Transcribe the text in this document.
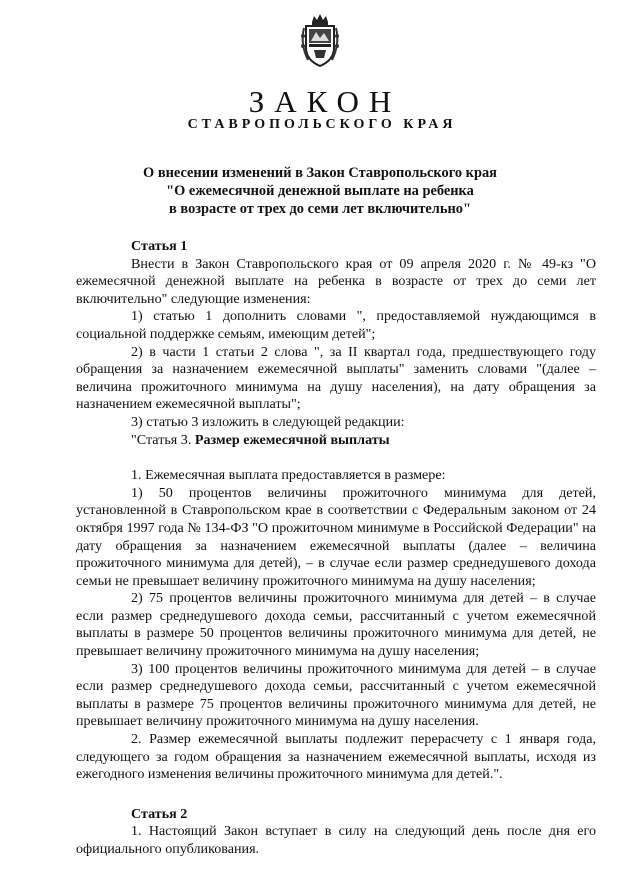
ЗАКОН
СТАВРОПОЛЬСКОГО КРАЯ
О внесении изменений в Закон Ставропольского края
"О ежемесячной денежной выплате на ребенка
в возрасте от трех до семи лет включительно"

Статья 1

Внести в Закон Ставропольского края от 09 апреля 2020 г. № 49-кз "О ежемесячной денежной выплате на ребенка в возрасте от трех до семи лет включительно" следующие изменения:

1) статью 1 дополнить словами ", предоставляемой нуждающимся в социальной поддержке семьям, имеющим детей";

2) в части 1 статьи 2 слова ", за II квартал года, предшествующего году обращения за назначением ежемесячной выплаты" заменить словами "(далее – величина прожиточного минимума на душу населения), на дату обращения за назначением ежемесячной выплаты";

3) статью 3 изложить в следующей редакции:

"Статья 3. Размер ежемесячной выплаты

1. Ежемесячная выплата предоставляется в размере:

1) 50 процентов величины прожиточного минимума для детей, установленной в Ставропольском крае в соответствии с Федеральным законом от 24 октября 1997 года № 134-ФЗ "О прожиточном минимуме в Российской Федерации" на дату обращения за назначением ежемесячной выплаты (далее – величина прожиточного минимума для детей), – в случае если размер среднедушевого дохода семьи не превышает величину прожиточного минимума на душу населения;

2) 75 процентов величины прожиточного минимума для детей – в случае если размер среднедушевого дохода семьи, рассчитанный с учетом ежемесячной выплаты в размере 50 процентов величины прожиточного минимума для детей, не превышает величину прожиточного минимума на душу населения;

3) 100 процентов величины прожиточного минимума для детей – в случае если размер среднедушевого дохода семьи, рассчитанный с учетом ежемесячной выплаты в размере 75 процентов величины прожиточного минимума для детей, не превышает величину прожиточного минимума на душу населения.

2. Размер ежемесячной выплаты подлежит перерасчету с 1 января года, следующего за годом обращения за назначением ежемесячной выплаты, исходя из ежегодного изменения величины прожиточного минимума для детей.".

Статья 2

1. Настоящий Закон вступает в силу на следующий день после дня его официального опубликования.
